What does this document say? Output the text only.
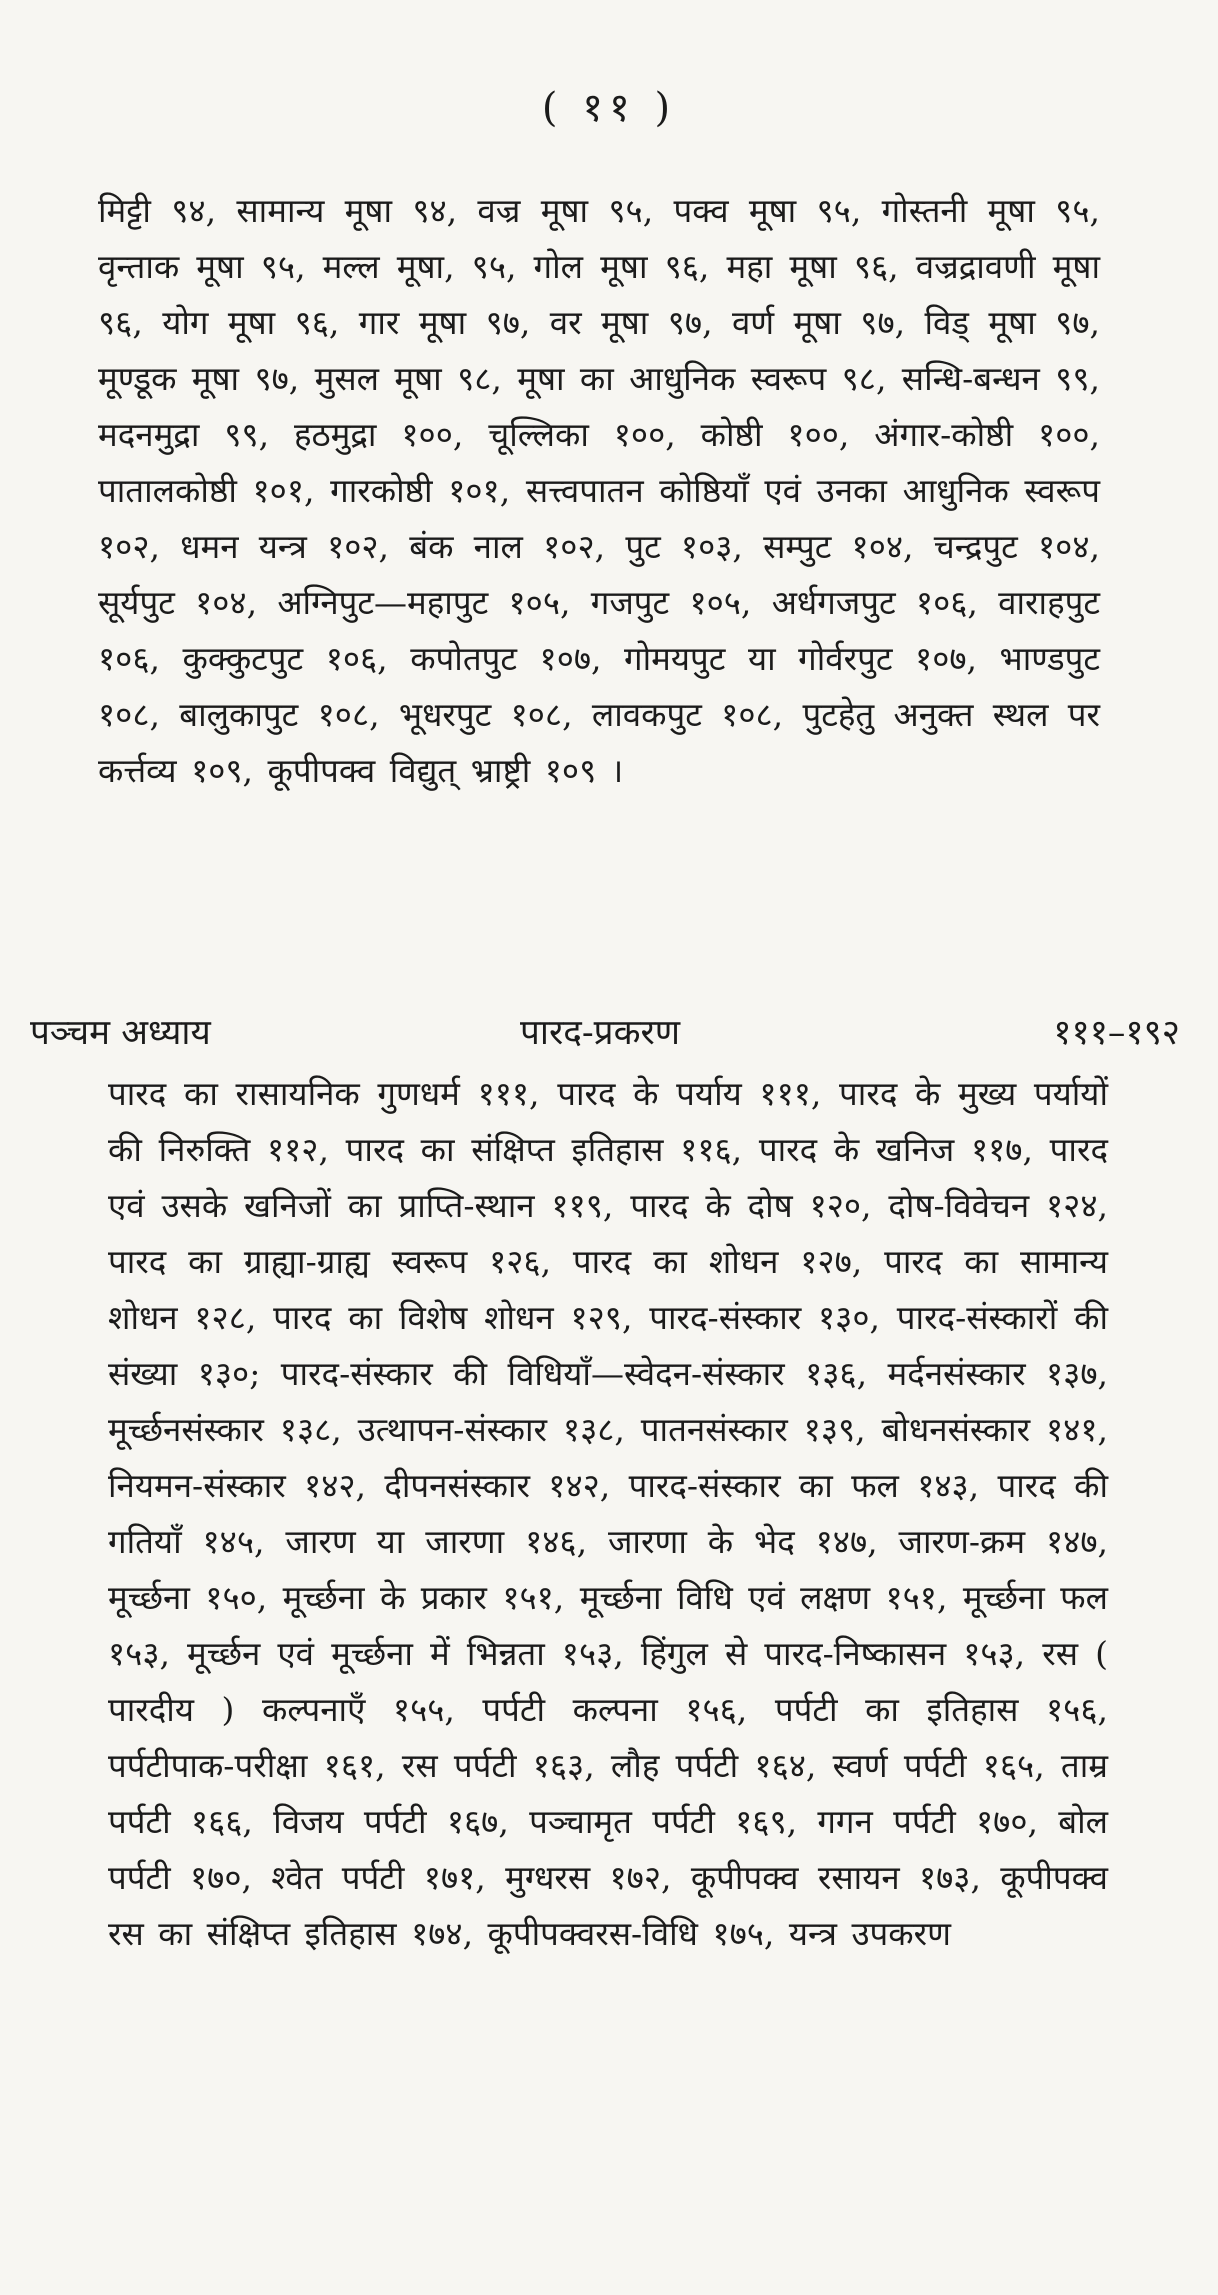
( ११ )
मिट्टी ९४, सामान्य मूषा ९४, वज्र मूषा ९५, पक्व मूषा ९५, गोस्तनी मूषा ९५, वृन्ताक मूषा ९५, मल्ल मूषा, ९५, गोल मूषा ९६, महा मूषा ९६, वज्रद्रावणी मूषा ९६, योग मूषा ९६, गार मूषा ९७, वर मूषा ९७, वर्ण मूषा ९७, विड् मूषा ९७, मूण्डूक मूषा ९७, मुसल मूषा ९८, मूषा का आधुनिक स्वरूप ९८, सन्धि-बन्धन ९९, मदनमुद्रा ९९, हठमुद्रा १००, चूल्लिका १००, कोष्ठी १००, अंगार-कोष्ठी १००, पातालकोष्ठी १०१, गारकोष्ठी १०१, सत्त्वपातन कोष्ठियाँ एवं उनका आधुनिक स्वरूप १०२, धमन यन्त्र १०२, बंक नाल १०२, पुट १०३, सम्पुट १०४, चन्द्रपुट १०४, सूर्यपुट १०४, अग्निपुट—महापुट १०५, गजपुट १०५, अर्धगजपुट १०६, वाराहपुट १०६, कुक्कुटपुट १०६, कपोतपुट १०७, गोमयपुट या गोर्वरपुट १०७, भाण्डपुट १०८, बालुकापुट १०८, भूधरपुट १०८, लावकपुट १०८, पुटहेतु अनुक्त स्थल पर कर्त्तव्य १०९, कूपीपक्व विद्युत् भ्राष्ट्री १०९ ।
पञ्चम अध्याय	पारद-प्रकरण	१११–१९२
पारद का रासायनिक गुणधर्म १११, पारद के पर्याय १११, पारद के मुख्य पर्यायों की निरुक्ति ११२, पारद का संक्षिप्त इतिहास ११६, पारद के खनिज ११७, पारद एवं उसके खनिजों का प्राप्ति-स्थान ११९, पारद के दोष १२०, दोष-विवेचन १२४, पारद का ग्राह्या-ग्राह्य स्वरूप १२६, पारद का शोधन १२७, पारद का सामान्य शोधन १२८, पारद का विशेष शोधन १२९, पारद-संस्कार १३०, पारद-संस्कारों की संख्या १३०; पारद-संस्कार की विधियाँ—स्वेदन-संस्कार १३६, मर्दनसंस्कार १३७, मूर्च्छनसंस्कार १३८, उत्थापन-संस्कार १३८, पातनसंस्कार १३९, बोधनसंस्कार १४१, नियमन-संस्कार १४२, दीपनसंस्कार १४२, पारद-संस्कार का फल १४३, पारद की गतियाँ १४५, जारण या जारणा १४६, जारणा के भेद १४७, जारण-क्रम १४७, मूर्च्छना १५०, मूर्च्छना के प्रकार १५१, मूर्च्छना विधि एवं लक्षण १५१, मूर्च्छना फल १५३, मूर्च्छन एवं मूर्च्छना में भिन्नता १५३, हिंगुल से पारद-निष्कासन १५३, रस ( पारदीय ) कल्पनाएँ १५५, पर्पटी कल्पना १५६, पर्पटी का इतिहास १५६, पर्पटीपाक-परीक्षा १६१, रस पर्पटी १६३, लौह पर्पटी १६४, स्वर्ण पर्पटी १६५, ताम्र पर्पटी १६६, विजय पर्पटी १६७, पञ्चामृत पर्पटी १६९, गगन पर्पटी १७०, बोल पर्पटी १७०, श्वेत पर्पटी १७१, मुग्धरस १७२, कूपीपक्व रसायन १७३, कूपीपक्व रस का संक्षिप्त इतिहास १७४, कूपीपक्वरस-विधि १७५, यन्त्र उपकरण
